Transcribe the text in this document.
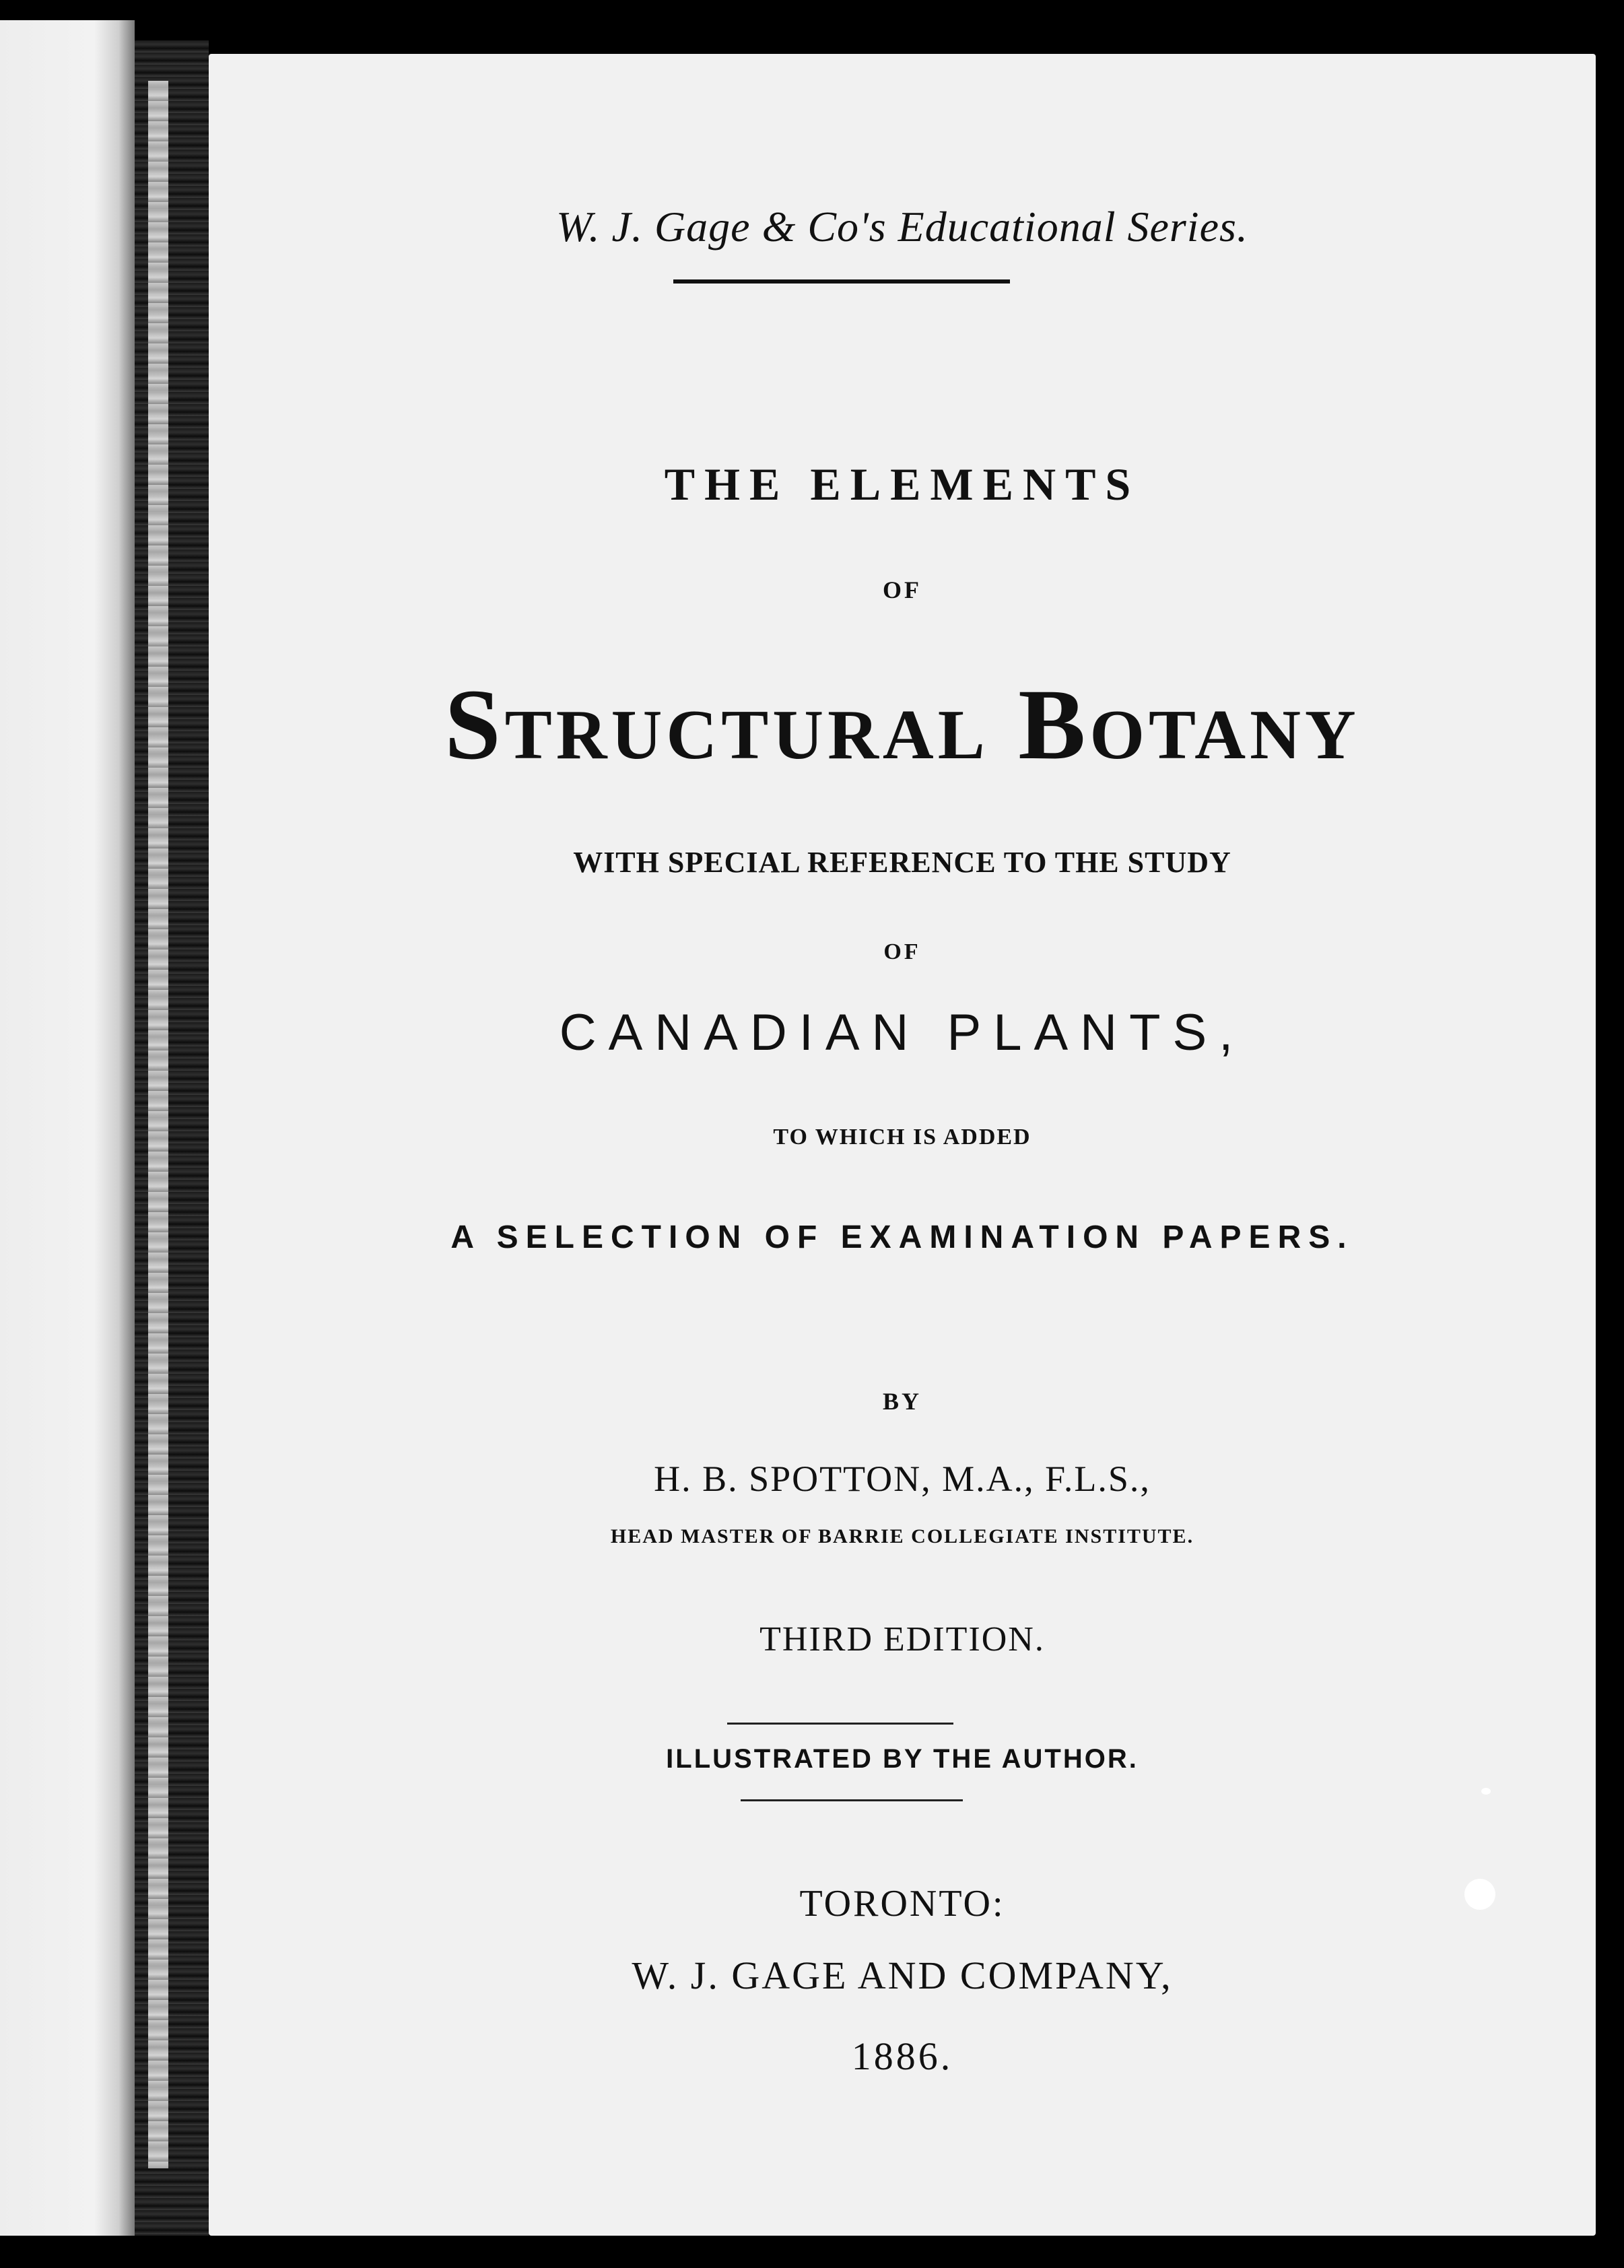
W. J. Gage & Co's Educational Series.

THE ELEMENTS

OF

Structural Botany

WITH SPECIAL REFERENCE TO THE STUDY

OF

CANADIAN PLANTS,

TO WHICH IS ADDED

A SELECTION OF EXAMINATION PAPERS.

BY

H. B. SPOTTON, M.A., F.L.S.,

HEAD MASTER OF BARRIE COLLEGIATE INSTITUTE.

THIRD EDITION.

ILLUSTRATED BY THE AUTHOR.

TORONTO:

W. J. GAGE AND COMPANY,

1886.
